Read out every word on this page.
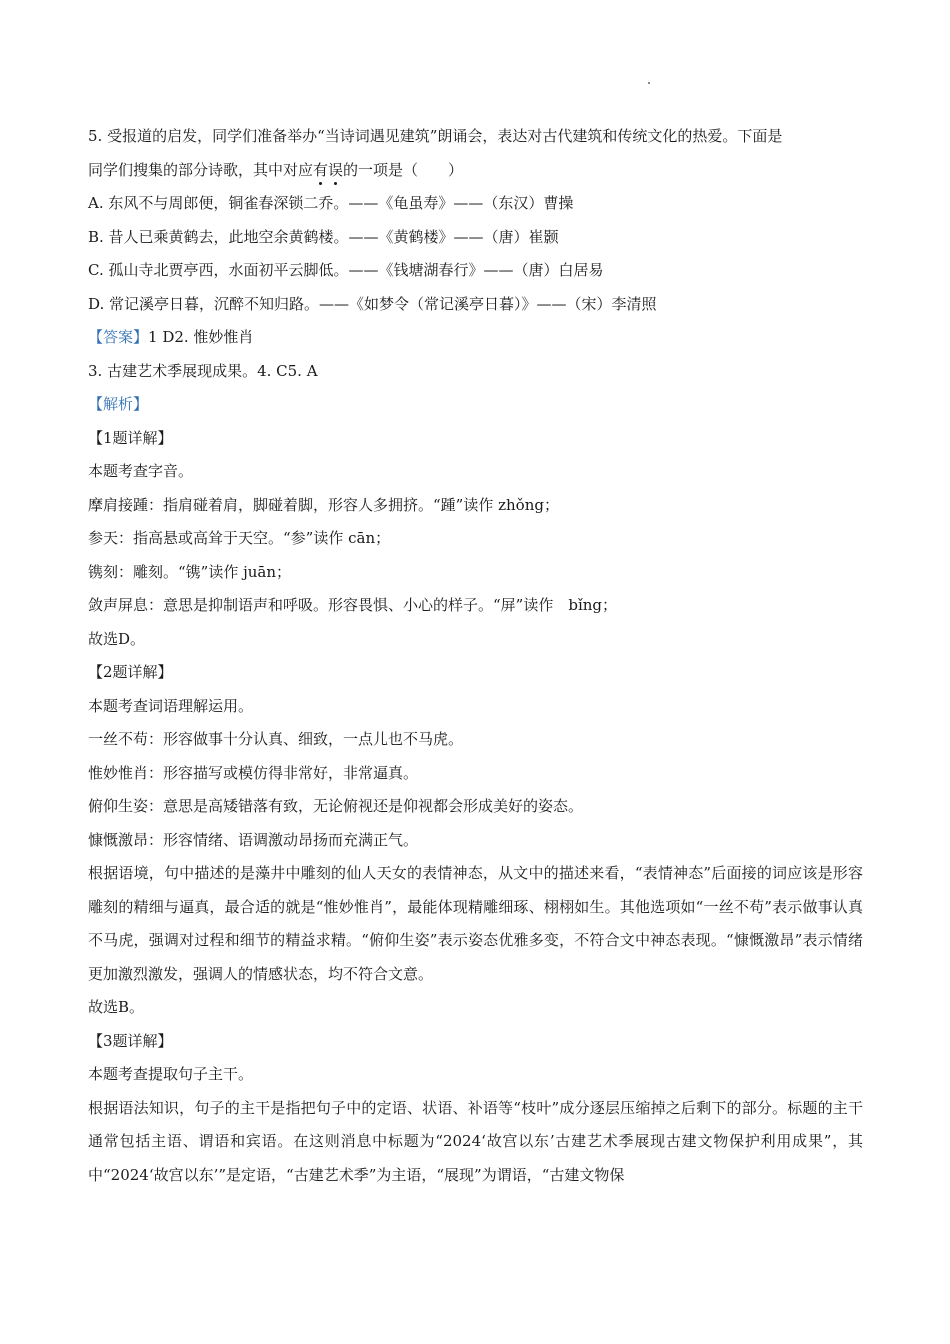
5. 受报道的启发，同学们准备举办“当诗词遇见建筑”朗诵会，表达对古代建筑和传统文化的热爱。下面是
同学们搜集的部分诗歌，其中对应有误的一项是（　　）
A. 东风不与周郎便，铜雀春深锁二乔。——《龟虽寿》——（东汉）曹操
B. 昔人已乘黄鹤去，此地空余黄鹤楼。——《黄鹤楼》——（唐）崔颢
C. 孤山寺北贾亭西，水面初平云脚低。——《钱塘湖春行》——（唐）白居易
D. 常记溪亭日暮，沉醉不知归路。——《如梦令（常记溪亭日暮）》——（宋）李清照
【答案】1 D2. 惟妙惟肖
3. 古建艺术季展现成果。4. C5. A
【解析】
【1题详解】
本题考查字音。
摩肩接踵：指肩碰着肩，脚碰着脚，形容人多拥挤。“踵”读作 zhǒng；
参天：指高悬或高耸于天空。“参”读作 cān；
镌刻：雕刻。“镌”读作 juān；
敛声屏息：意思是抑制语声和呼吸。形容畏惧、小心的样子。“屏”读作　bǐng；
故选D。
【2题详解】
本题考查词语理解运用。
一丝不苟：形容做事十分认真、细致，一点儿也不马虎。
惟妙惟肖：形容描写或模仿得非常好，非常逼真。
俯仰生姿：意思是高矮错落有致，无论俯视还是仰视都会形成美好的姿态。
慷慨激昂：形容情绪、语调激动昂扬而充满正气。
根据语境，句中描述的是藻井中雕刻的仙人天女的表情神态，从文中的描述来看，“表情神态”后面接的词应该是形容雕刻的精细与逼真，最合适的就是“惟妙惟肖”，最能体现精雕细琢、栩栩如生。其他选项如“一丝不苟”表示做事认真不马虎，强调对过程和细节的精益求精。“俯仰生姿”表示姿态优雅多变，不符合文中神态表现。“慷慨激昂”表示情绪更加激烈激发，强调人的情感状态，均不符合文意。
故选B。
【3题详解】
本题考查提取句子主干。
根据语法知识，句子的主干是指把句子中的定语、状语、补语等“枝叶”成分逐层压缩掉之后剩下的部分。标题的主干通常包括主语、谓语和宾语。在这则消息中标题为“2024‘故宫以东’古建艺术季展现古建文物保护利用成果”，其中“2024‘故宫以东’”是定语，“古建艺术季”为主语，“展现”为谓语，“古建文物保
